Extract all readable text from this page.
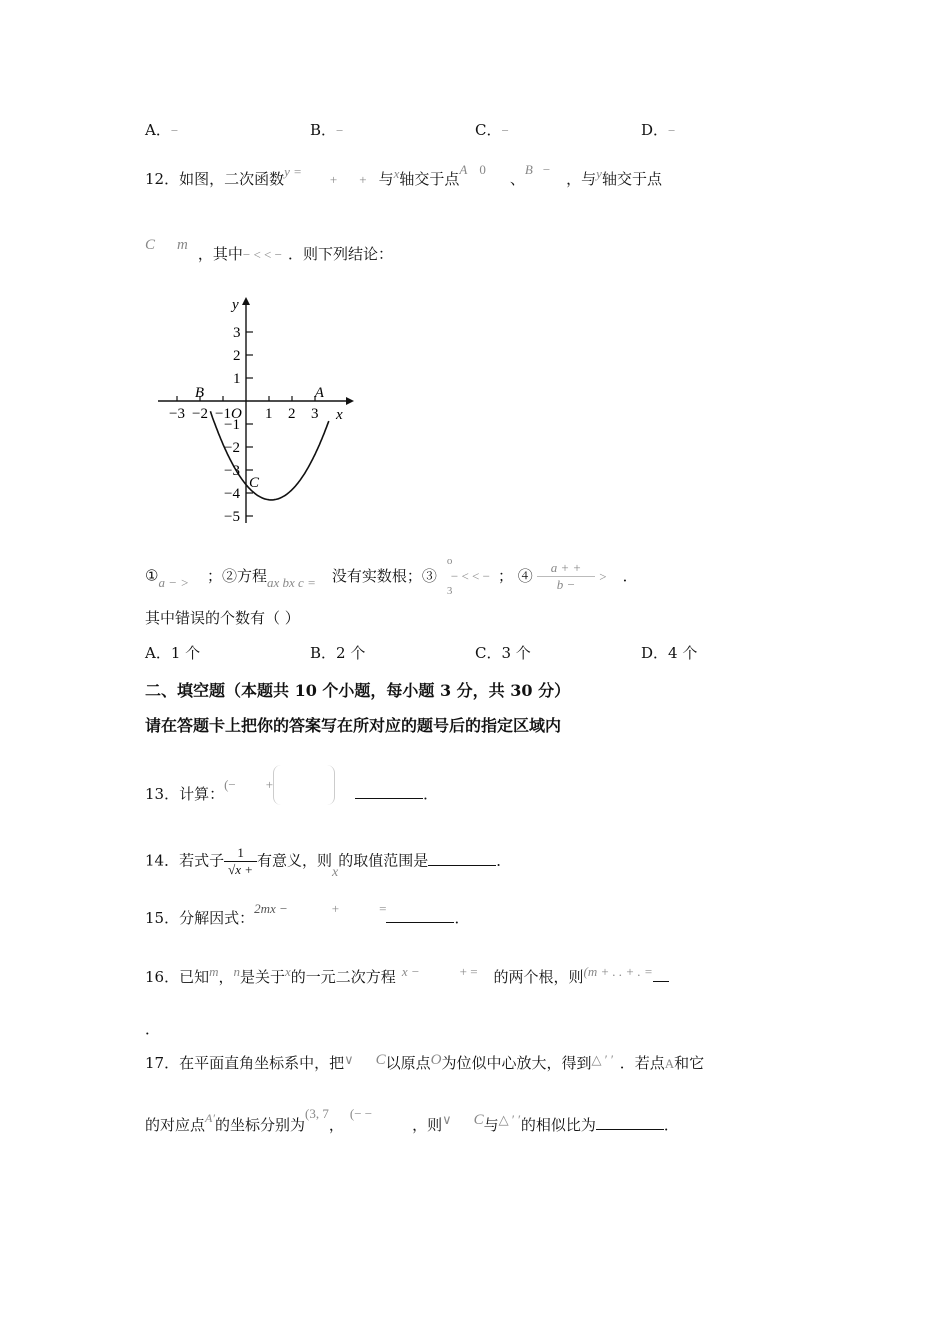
A．−	B．−	C．−	D．−
12．如图，二次函数y =+ + 与x轴交于点A 0、B −，与y轴交于点
C m ，其中− < < − ．则下列结论：
x
y
O
A
B
C
−3 −2 −1 1 2 3
3
2
1
−1
−2
−3
−4
−5
①a − > ；②方程ax bx c = 没有实数根；③
o
3
− < < − ； ④ $\frac{a + +}{b -}$ > ．
其中错误的个数有（ ）
A．1 个	B．2 个	C．3 个	D．4 个
二、填空题（本题共 10 个小题，每小题 3 分，共 30 分）
请在答题卡上把你的答案写在所对应的题号后的指定区域内
13．计算：(− +．
14．若式子 $\frac{1}{√x +}$ 有意义，则x的取值范围是	．
15．分解因式：2mx −	+	=．
16．已知m，n是关于x的一元二次方程 x −	+ = 的两个根，则(m + . . + . =
．
17．在平面直角坐标系中，把∨ C以原点O为位似中心放大，得到△ ′ ′ ．若点A和它
的对应点$^{A'}$的坐标分别为(3, 7，(− −，则∨ C与△ ′ ′的相似比为	．
